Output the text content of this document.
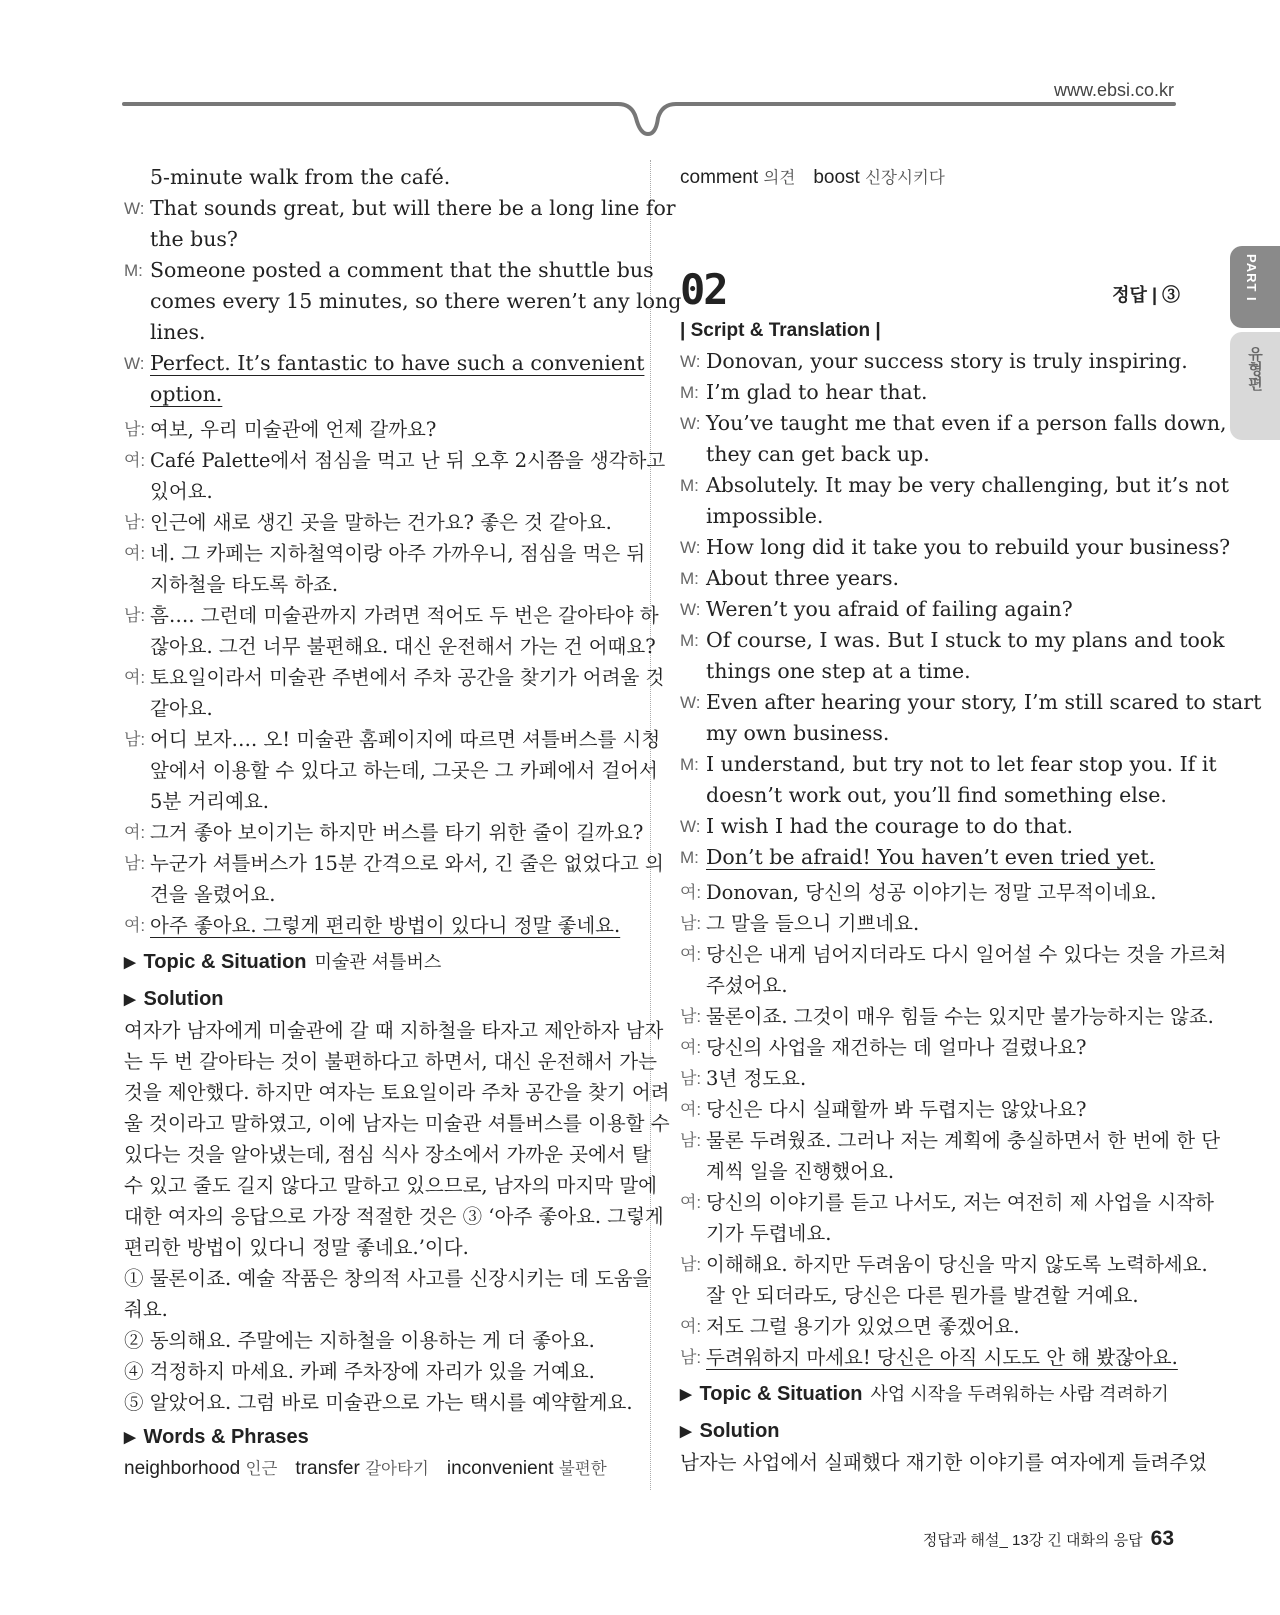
www.ebsi.co.kr
PART I
유형편
5-minute walk from the café.
W: That sounds great, but will there be a long line for
the bus?
M: Someone posted a comment that the shuttle bus
comes every 15 minutes, so there weren’t any long
lines.
W: Perfect. It’s fantastic to have such a convenient
option.
남: 여보, 우리 미술관에 언제 갈까요?
여: Café Palette에서 점심을 먹고 난 뒤 오후 2시쯤을 생각하고
있어요.
남: 인근에 새로 생긴 곳을 말하는 건가요? 좋은 것 같아요.
여: 네. 그 카페는 지하철역이랑 아주 가까우니, 점심을 먹은 뒤
지하철을 타도록 하죠.
남: 흠…. 그런데 미술관까지 가려면 적어도 두 번은 갈아타야 하
잖아요. 그건 너무 불편해요. 대신 운전해서 가는 건 어때요?
여: 토요일이라서 미술관 주변에서 주차 공간을 찾기가 어려울 것
같아요.
남: 어디 보자…. 오! 미술관 홈페이지에 따르면 셔틀버스를 시청
앞에서 이용할 수 있다고 하는데, 그곳은 그 카페에서 걸어서
5분 거리예요.
여: 그거 좋아 보이기는 하지만 버스를 타기 위한 줄이 길까요?
남: 누군가 셔틀버스가 15분 간격으로 와서, 긴 줄은 없었다고 의
견을 올렸어요.
여: 아주 좋아요. 그렇게 편리한 방법이 있다니 정말 좋네요.
▶ Topic & Situation 미술관 셔틀버스
▶ Solution
여자가 남자에게 미술관에 갈 때 지하철을 타자고 제안하자 남자
는 두 번 갈아타는 것이 불편하다고 하면서, 대신 운전해서 가는
것을 제안했다. 하지만 여자는 토요일이라 주차 공간을 찾기 어려
울 것이라고 말하였고, 이에 남자는 미술관 셔틀버스를 이용할 수
있다는 것을 알아냈는데, 점심 식사 장소에서 가까운 곳에서 탈
수 있고 줄도 길지 않다고 말하고 있으므로, 남자의 마지막 말에
대한 여자의 응답으로 가장 적절한 것은 ③ ‘아주 좋아요. 그렇게
편리한 방법이 있다니 정말 좋네요.’이다.
① 물론이죠. 예술 작품은 창의적 사고를 신장시키는 데 도움을
줘요.
② 동의해요. 주말에는 지하철을 이용하는 게 더 좋아요.
④ 걱정하지 마세요. 카페 주차장에 자리가 있을 거예요.
⑤ 알았어요. 그럼 바로 미술관으로 가는 택시를 예약할게요.
▶ Words & Phrases
neighborhood 인근 transfer 갈아타기 inconvenient 불편한
comment 의견 boost 신장시키다
02	정답 | ③
| Script & Translation |
W: Donovan, your success story is truly inspiring.
M: I’m glad to hear that.
W: You’ve taught me that even if a person falls down,
they can get back up.
M: Absolutely. It may be very challenging, but it’s not
impossible.
W: How long did it take you to rebuild your business?
M: About three years.
W: Weren’t you afraid of failing again?
M: Of course, I was. But I stuck to my plans and took
things one step at a time.
W: Even after hearing your story, I’m still scared to start
my own business.
M: I understand, but try not to let fear stop you. If it
doesn’t work out, you’ll find something else.
W: I wish I had the courage to do that.
M: Don’t be afraid! You haven’t even tried yet.
여: Donovan, 당신의 성공 이야기는 정말 고무적이네요.
남: 그 말을 들으니 기쁘네요.
여: 당신은 내게 넘어지더라도 다시 일어설 수 있다는 것을 가르쳐
주셨어요.
남: 물론이죠. 그것이 매우 힘들 수는 있지만 불가능하지는 않죠.
여: 당신의 사업을 재건하는 데 얼마나 걸렸나요?
남: 3년 정도요.
여: 당신은 다시 실패할까 봐 두렵지는 않았나요?
남: 물론 두려웠죠. 그러나 저는 계획에 충실하면서 한 번에 한 단
계씩 일을 진행했어요.
여: 당신의 이야기를 듣고 나서도, 저는 여전히 제 사업을 시작하
기가 두렵네요.
남: 이해해요. 하지만 두려움이 당신을 막지 않도록 노력하세요.
잘 안 되더라도, 당신은 다른 뭔가를 발견할 거예요.
여: 저도 그럴 용기가 있었으면 좋겠어요.
남: 두려워하지 마세요! 당신은 아직 시도도 안 해 봤잖아요.
▶ Topic & Situation 사업 시작을 두려워하는 사람 격려하기
▶ Solution
남자는 사업에서 실패했다 재기한 이야기를 여자에게 들려주었
정답과 해설_ 13강 긴 대화의 응답 63
